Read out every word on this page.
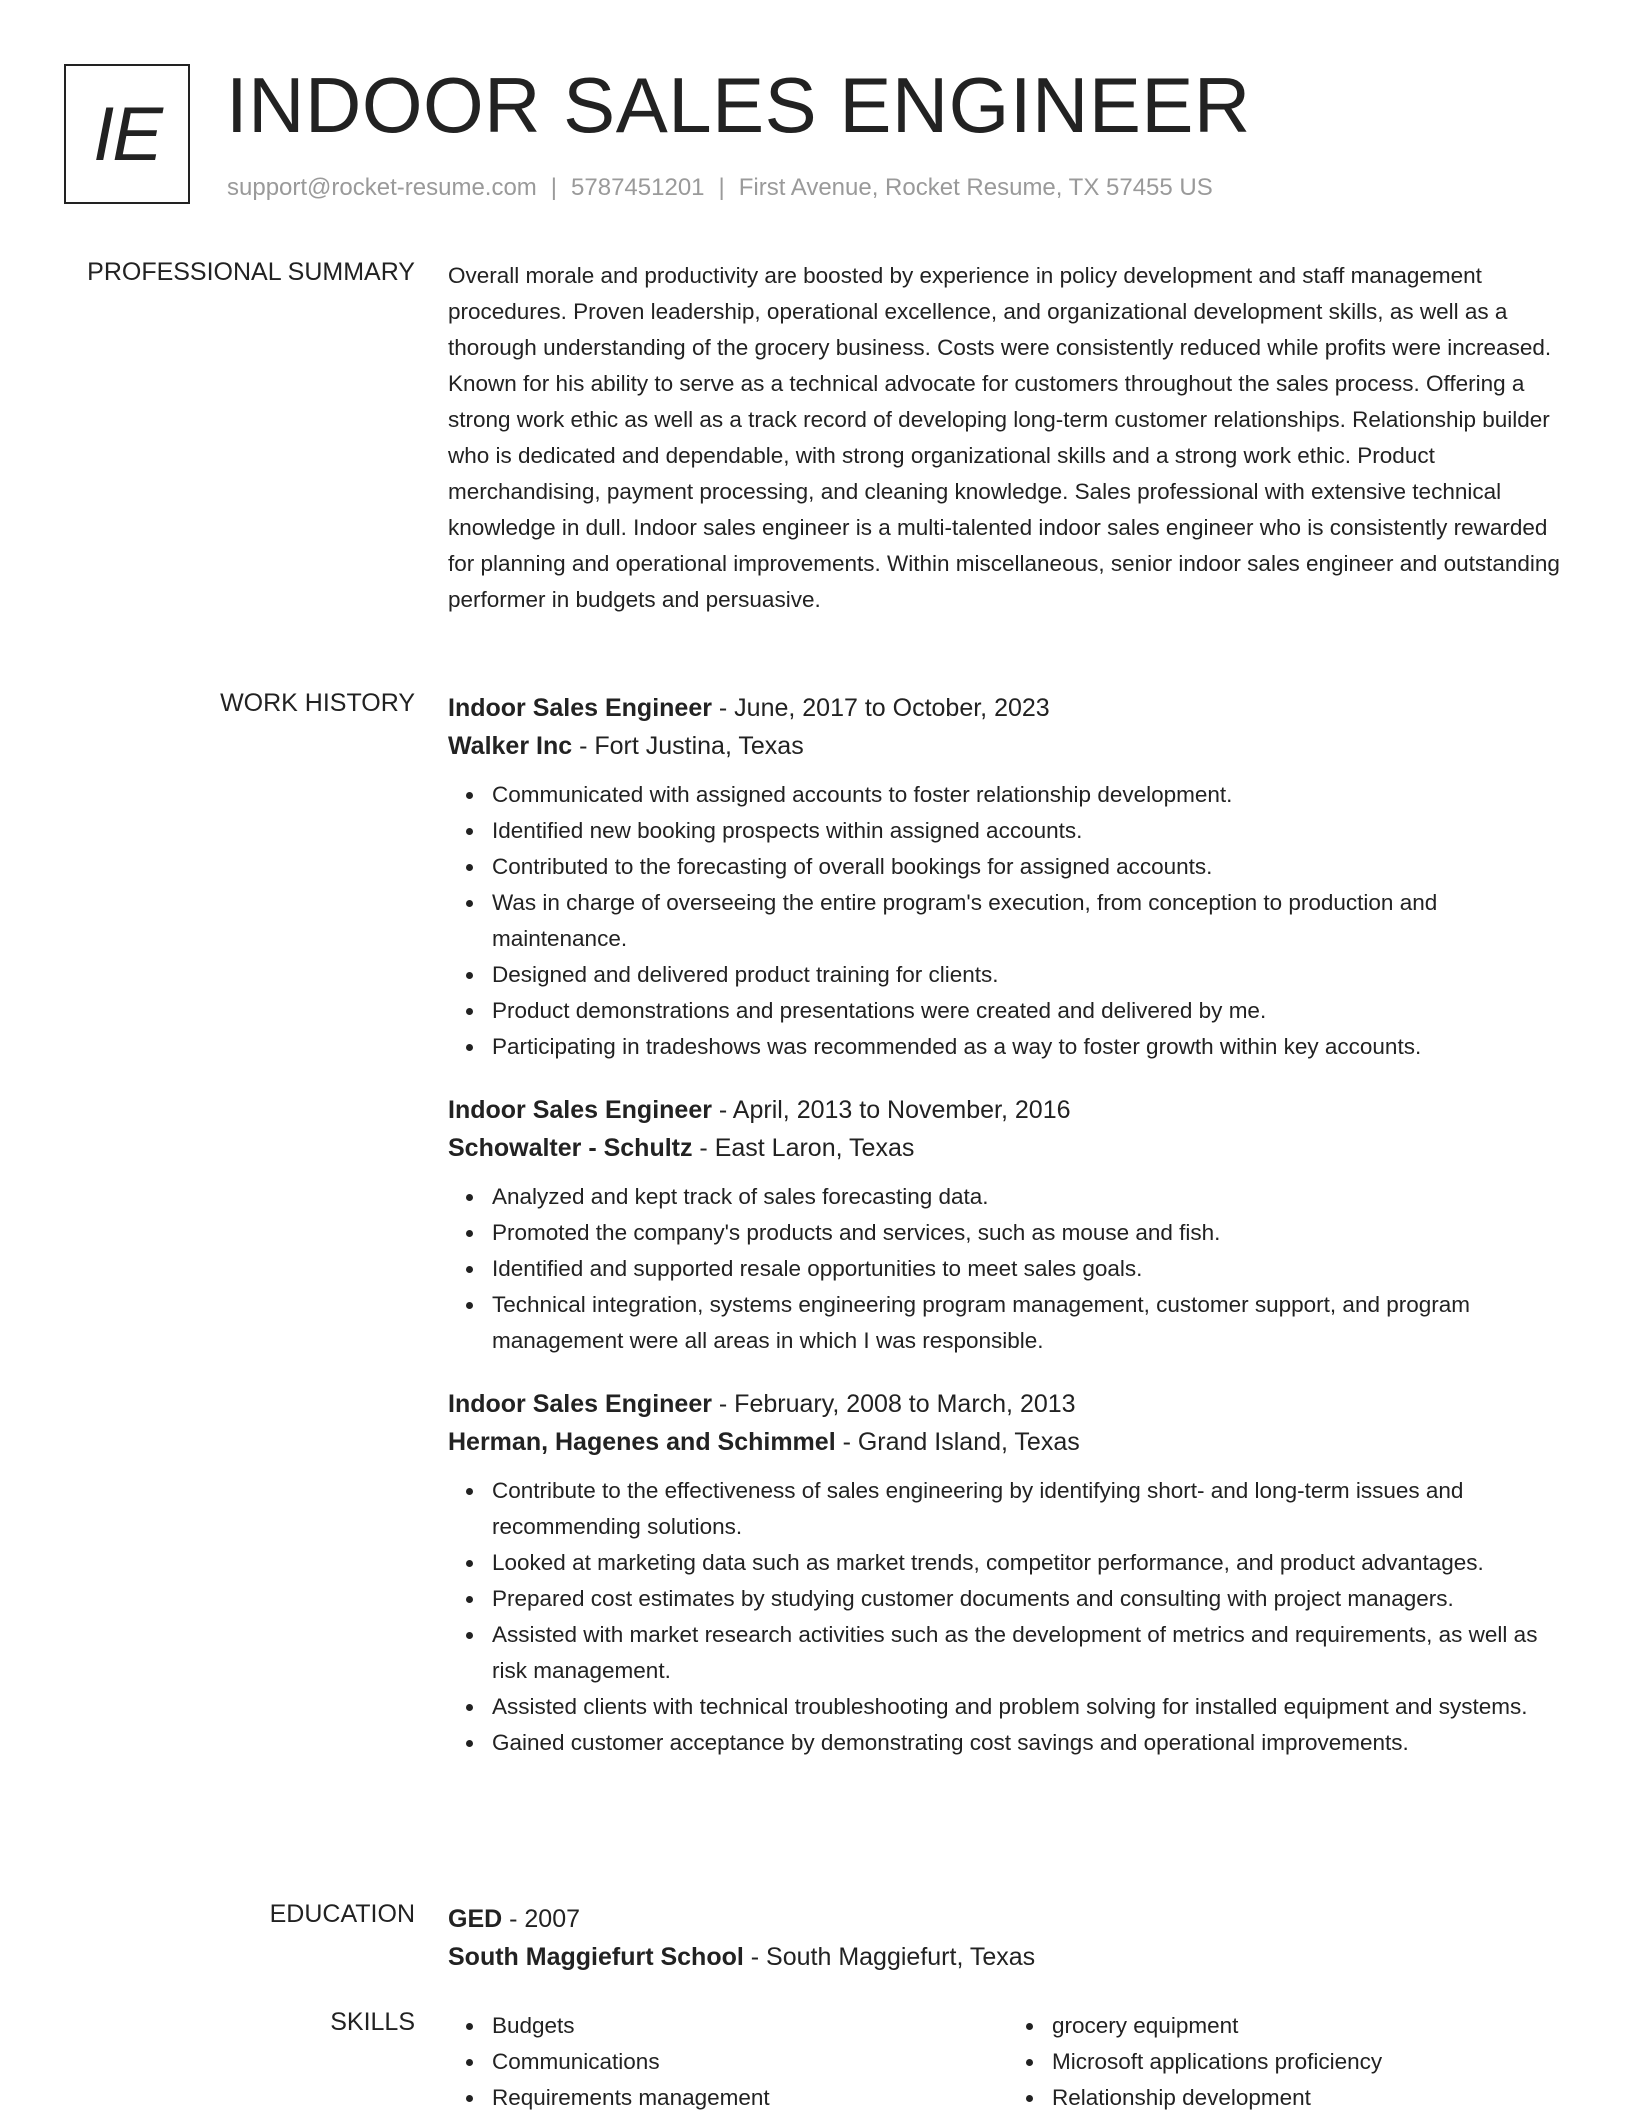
IE INDOOR SALES ENGINEER
support@rocket-resume.com | 5787451201 | First Avenue, Rocket Resume, TX 57455 US
PROFESSIONAL SUMMARY Overall morale and productivity are boosted by experience in policy development and staff management procedures. Proven leadership, operational excellence, and organizational development skills, as well as a thorough understanding of the grocery business. Costs were consistently reduced while profits were increased. Known for his ability to serve as a technical advocate for customers throughout the sales process. Offering a strong work ethic as well as a track record of developing long-term customer relationships. Relationship builder who is dedicated and dependable, with strong organizational skills and a strong work ethic. Product merchandising, payment processing, and cleaning knowledge. Sales professional with extensive technical knowledge in dull. Indoor sales engineer is a multi-talented indoor sales engineer who is consistently rewarded for planning and operational improvements. Within miscellaneous, senior indoor sales engineer and outstanding performer in budgets and persuasive.

WORK HISTORY Indoor Sales Engineer - June, 2017 to October, 2023
Walker Inc - Fort Justina, Texas
Communicated with assigned accounts to foster relationship development.
Identified new booking prospects within assigned accounts.
Contributed to the forecasting of overall bookings for assigned accounts.
Was in charge of overseeing the entire program's execution, from conception to production and maintenance.
Designed and delivered product training for clients.
Product demonstrations and presentations were created and delivered by me.
Participating in tradeshows was recommended as a way to foster growth within key accounts.
Indoor Sales Engineer - April, 2013 to November, 2016
Schowalter - Schultz - East Laron, Texas
Analyzed and kept track of sales forecasting data.
Promoted the company's products and services, such as mouse and fish.
Identified and supported resale opportunities to meet sales goals.
Technical integration, systems engineering program management, customer support, and program management were all areas in which I was responsible.
Indoor Sales Engineer - February, 2008 to March, 2013
Herman, Hagenes and Schimmel - Grand Island, Texas
Contribute to the effectiveness of sales engineering by identifying short- and long-term issues and recommending solutions.
Looked at marketing data such as market trends, competitor performance, and product advantages.
Prepared cost estimates by studying customer documents and consulting with project managers.
Assisted with market research activities such as the development of metrics and requirements, as well as risk management.
Assisted clients with technical troubleshooting and problem solving for installed equipment and systems.
Gained customer acceptance by demonstrating cost savings and operational improvements.
EDUCATION GED - 2007
South Maggiefurt School - South Maggiefurt, Texas
SKILLS	Budgets
Communications
Requirements management
grocery equipment
Microsoft applications proficiency
Relationship development
